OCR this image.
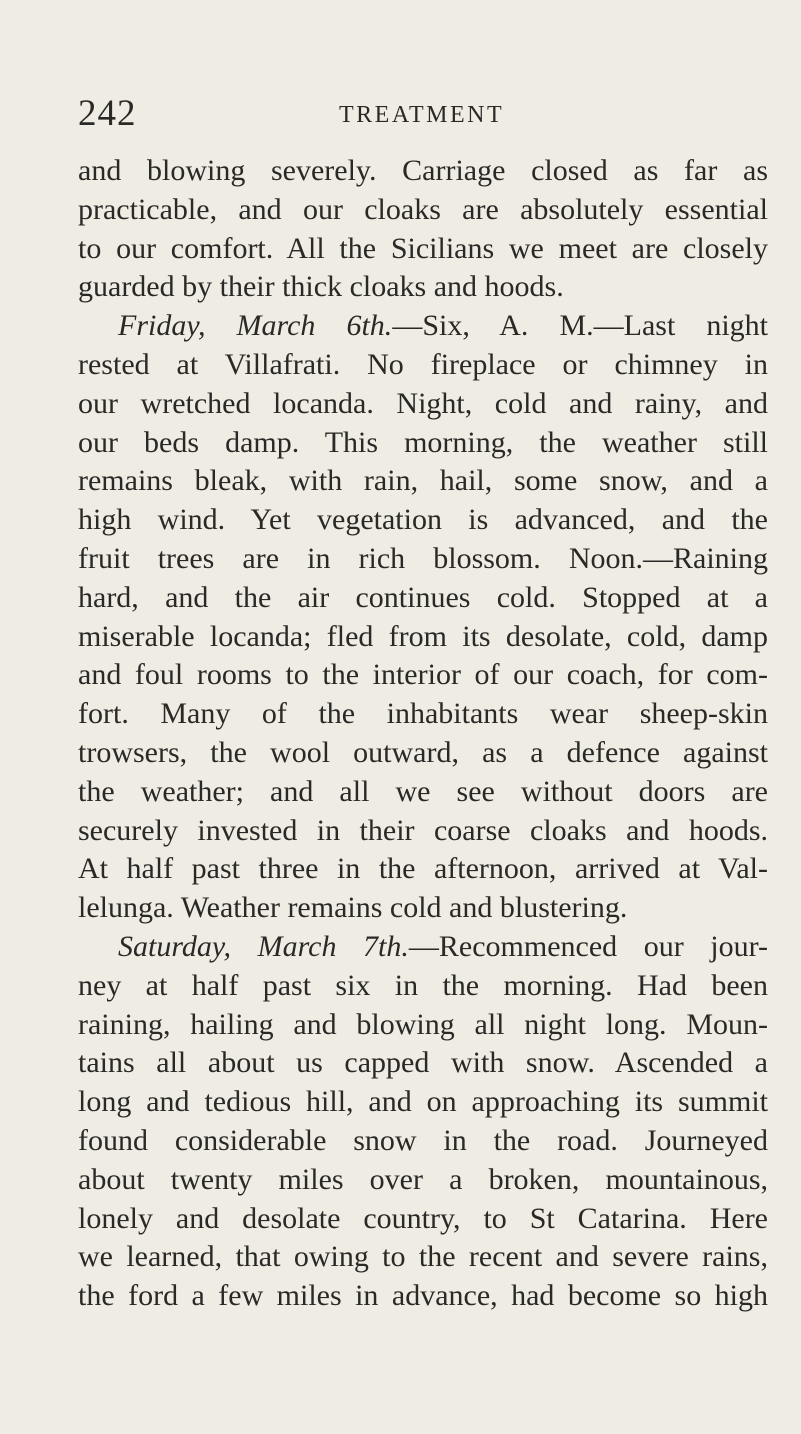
242	TREATMENT
and blowing severely. Carriage closed as far as
practicable, and our cloaks are absolutely essential
to our comfort. All the Sicilians we meet are closely
guarded by their thick cloaks and hoods.
Friday, March 6th.—Six, A. M.—Last night
rested at Villafrati. No fireplace or chimney in
our wretched locanda. Night, cold and rainy, and
our beds damp. This morning, the weather still
remains bleak, with rain, hail, some snow, and a
high wind. Yet vegetation is advanced, and the
fruit trees are in rich blossom. Noon.—Raining
hard, and the air continues cold. Stopped at a
miserable locanda; fled from its desolate, cold, damp
and foul rooms to the interior of our coach, for com-
fort. Many of the inhabitants wear sheep-skin
trowsers, the wool outward, as a defence against
the weather; and all we see without doors are
securely invested in their coarse cloaks and hoods.
At half past three in the afternoon, arrived at Val-
lelunga. Weather remains cold and blustering.
Saturday, March 7th.—Recommenced our jour-
ney at half past six in the morning. Had been
raining, hailing and blowing all night long. Moun-
tains all about us capped with snow. Ascended a
long and tedious hill, and on approaching its summit
found considerable snow in the road. Journeyed
about twenty miles over a broken, mountainous,
lonely and desolate country, to St Catarina. Here
we learned, that owing to the recent and severe rains,
the ford a few miles in advance, had become so high
